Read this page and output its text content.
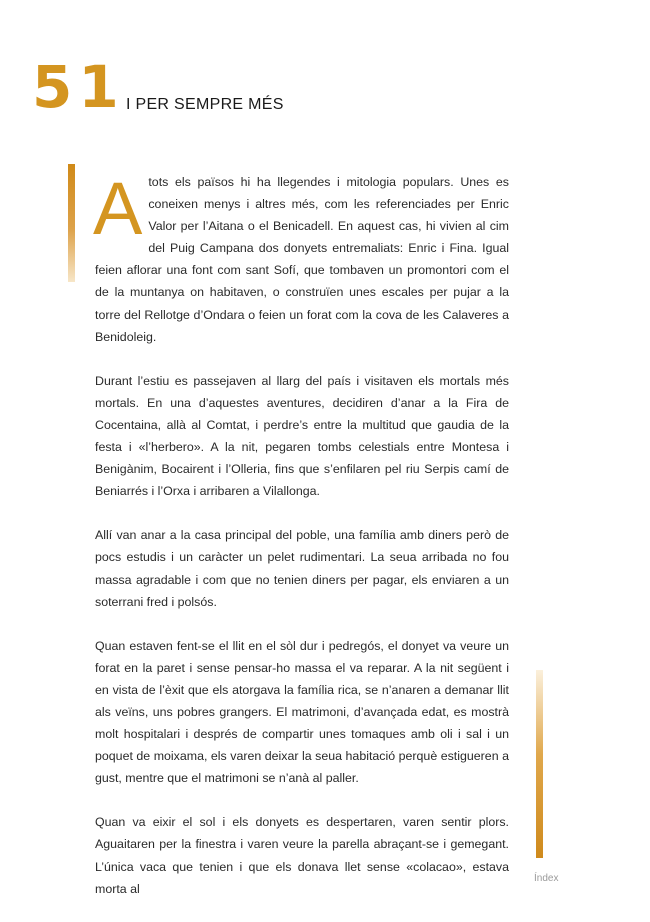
51 I PER SEMPRE MÉS

Atots els països hi ha llegendes i mitologia populars. Unes es coneixen menys i altres més, com les referenciades per Enric Valor per l’Aitana o el Benicadell. En aquest cas, hi vivien al cim del Puig Campana dos donyets entremaliats: Enric i Fina. Igual feien aflorar una font com sant Sofí, que tombaven un promontori com el de la muntanya on habitaven, o construïen unes escales per pujar a la torre del Rellotge d’Ondara o feien un forat com la cova de les Calaveres a Benidoleig.

Durant l’estiu es passejaven al llarg del país i visitaven els mortals més mortals. En una d’aquestes aventures, decidiren d’anar a la Fira de Cocentaina, allà al Comtat, i perdre’s entre la multitud que gaudia de la festa i «l’herbero». A la nit, pegaren tombs celestials entre Montesa i Benigànim, Bocairent i l’Olleria, fins que s’enfilaren pel riu Serpis camí de Beniarrés i l’Orxa i arribaren a Vilallonga.

Allí van anar a la casa principal del poble, una família amb diners però de pocs estudis i un caràcter un pelet rudimentari. La seua arribada no fou massa agradable i com que no tenien diners per pagar, els enviaren a un soterrani fred i polsós.

Quan estaven fent-se el llit en el sòl dur i pedregós, el donyet va veure un forat en la paret i sense pensar-ho massa el va reparar. A la nit següent i en vista de l’èxit que els atorgava la família rica, se n’anaren a demanar llit als veïns, uns pobres grangers. El matrimoni, d’avançada edat, es mostrà molt hospitalari i després de compartir unes tomaques amb oli i sal i un poquet de moixama, els varen deixar la seua habitació perquè estigueren a gust, mentre que el matrimoni se n’anà al paller.

Quan va eixir el sol i els donyets es despertaren, varen sentir plors. Aguaitaren per la finestra i varen veure la parella abraçant-se i gemegant. L’única vaca que tenien i que els donava llet sense «colacao», estava morta al

Índex
